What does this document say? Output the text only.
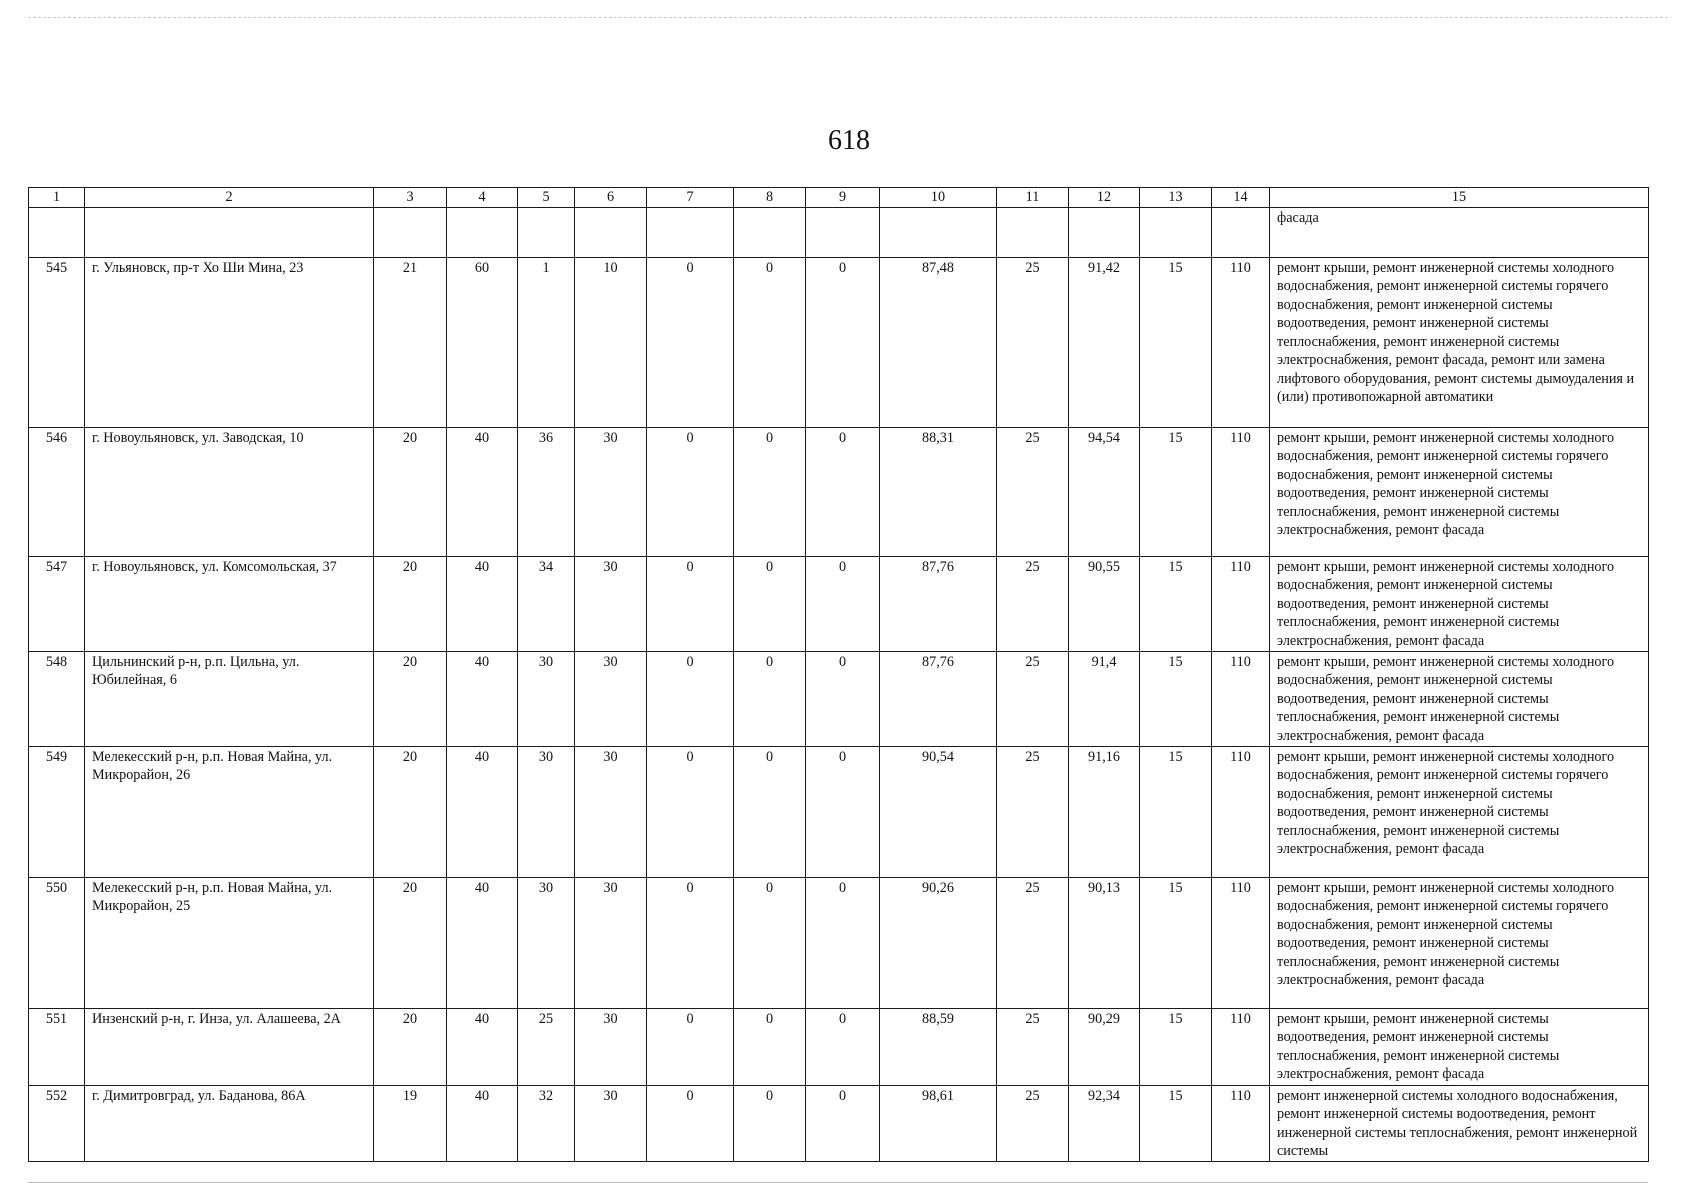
618
1	2	3	4	5	6	7	8	9	10	11	12	13	14	15
														фасада
545	г. Ульяновск, пр-т Хо Ши Мина, 23	21	60	1	10	0	0	0	87,48	25	91,42	15	110	ремонт крыши, ремонт инженерной системы холодного водоснабжения, ремонт инженерной системы горячего водоснабжения, ремонт инженерной системы водоотведения, ремонт инженерной системы теплоснабжения, ремонт инженерной системы электроснабжения, ремонт фасада, ремонт или замена лифтового оборудования, ремонт системы дымоудаления и (или) противопожарной автоматики
546	г. Новоульяновск, ул. Заводская, 10	20	40	36	30	0	0	0	88,31	25	94,54	15	110	ремонт крыши, ремонт инженерной системы холодного водоснабжения, ремонт инженерной системы горячего водоснабжения, ремонт инженерной системы водоотведения, ремонт инженерной системы теплоснабжения, ремонт инженерной системы электроснабжения, ремонт фасада
547	г. Новоульяновск, ул. Комсомольская, 37	20	40	34	30	0	0	0	87,76	25	90,55	15	110	ремонт крыши, ремонт инженерной системы холодного водоснабжения, ремонт инженерной системы водоотведения, ремонт инженерной системы теплоснабжения, ремонт инженерной системы электроснабжения, ремонт фасада
548	Цильнинский р-н, р.п. Цильна, ул. Юбилейная, 6	20	40	30	30	0	0	0	87,76	25	91,4	15	110	ремонт крыши, ремонт инженерной системы холодного водоснабжения, ремонт инженерной системы водоотведения, ремонт инженерной системы теплоснабжения, ремонт инженерной системы электроснабжения, ремонт фасада
549	Мелекесский р-н, р.п. Новая Майна, ул. Микрорайон, 26	20	40	30	30	0	0	0	90,54	25	91,16	15	110	ремонт крыши, ремонт инженерной системы холодного водоснабжения, ремонт инженерной системы горячего водоснабжения, ремонт инженерной системы водоотведения, ремонт инженерной системы теплоснабжения, ремонт инженерной системы электроснабжения, ремонт фасада
550	Мелекесский р-н, р.п. Новая Майна, ул. Микрорайон, 25	20	40	30	30	0	0	0	90,26	25	90,13	15	110	ремонт крыши, ремонт инженерной системы холодного водоснабжения, ремонт инженерной системы горячего водоснабжения, ремонт инженерной системы водоотведения, ремонт инженерной системы теплоснабжения, ремонт инженерной системы электроснабжения, ремонт фасада
551	Инзенский р-н, г. Инза, ул. Алашеева, 2А	20	40	25	30	0	0	0	88,59	25	90,29	15	110	ремонт крыши, ремонт инженерной системы водоотведения, ремонт инженерной системы теплоснабжения, ремонт инженерной системы электроснабжения, ремонт фасада
552	г. Димитровград, ул. Баданова, 86А	19	40	32	30	0	0	0	98,61	25	92,34	15	110	ремонт инженерной системы холодного водоснабжения, ремонт инженерной системы водоотведения, ремонт инженерной системы теплоснабжения, ремонт инженерной системы
